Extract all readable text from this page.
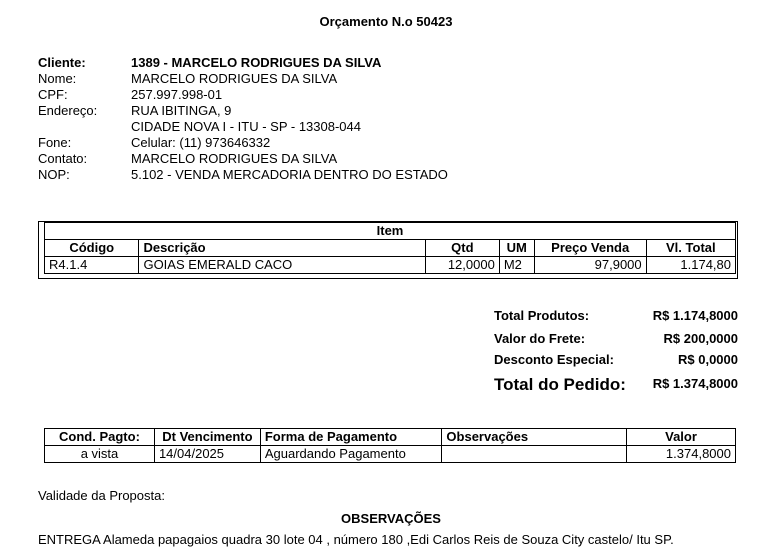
Orçamento N.o 50423
Cliente:	1389 - MARCELO RODRIGUES DA SILVA
Nome:	MARCELO RODRIGUES DA SILVA
CPF:	257.997.998-01
Endereço:	RUA IBITINGA, 9
CIDADE NOVA I - ITU - SP - 13308-044
Fone:	Celular: (11) 973646332
Contato:	MARCELO RODRIGUES DA SILVA
NOP:	5.102 - VENDA MERCADORIA DENTRO DO ESTADO
Item					
Código	Descrição	Qtd	UM	Preço Venda	Vl. Total
R4.1.4	GOIAS EMERALD CACO	12,0000	M2	97,9000	1.174,80
Total Produtos:	R$ 1.174,8000
Valor do Frete:	R$ 200,0000
Desconto Especial:	R$ 0,0000
Total do Pedido: R$ 1.374,8000
Cond. Pagto:	Dt Vencimento	Forma de Pagamento	Observações	Valor
a vista	14/04/2025	Aguardando Pagamento		1.374,8000
Validade da Proposta:
OBSERVAÇÕES
ENTREGA Alameda papagaios quadra 30 lote 04 , número 180 ,Edi Carlos Reis de Souza City castelo/ Itu SP.
